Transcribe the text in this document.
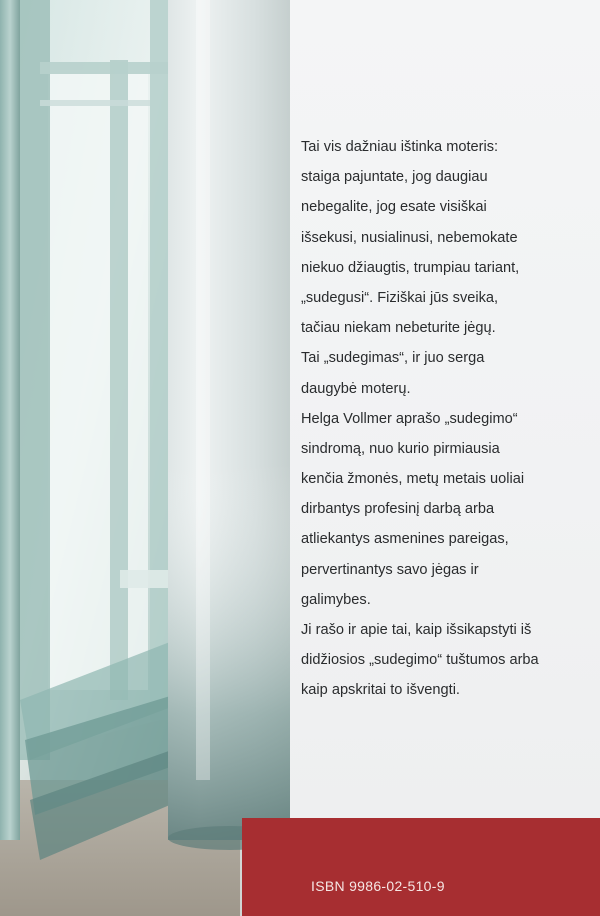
Tai vis dažniau ištinka moteris:
staiga pajuntate, jog daugiau
nebegalite, jog esate visiškai
išsekusi, nusialinusi, nebemokate
niekuo džiaugtis, trumpiau tariant,
„sudegusi“. Fiziškai jūs sveika,
tačiau niekam nebeturite jėgų.
Tai „sudegimas“, ir juo serga
daugybė moterų.
Helga Vollmer aprašo „sudegimo“
sindromą, nuo kurio pirmiausia
kenčia žmonės, metų metais uoliai
dirbantys profesinį darbą arba
atliekantys asmenines pareigas,
pervertinantys savo jėgas ir
galimybes.
Ji rašo ir apie tai, kaip išsikapstyti iš
didžiosios „sudegimo“ tuštumos arba
kaip apskritai to išvengti.
ISBN 9986-02-510-9
